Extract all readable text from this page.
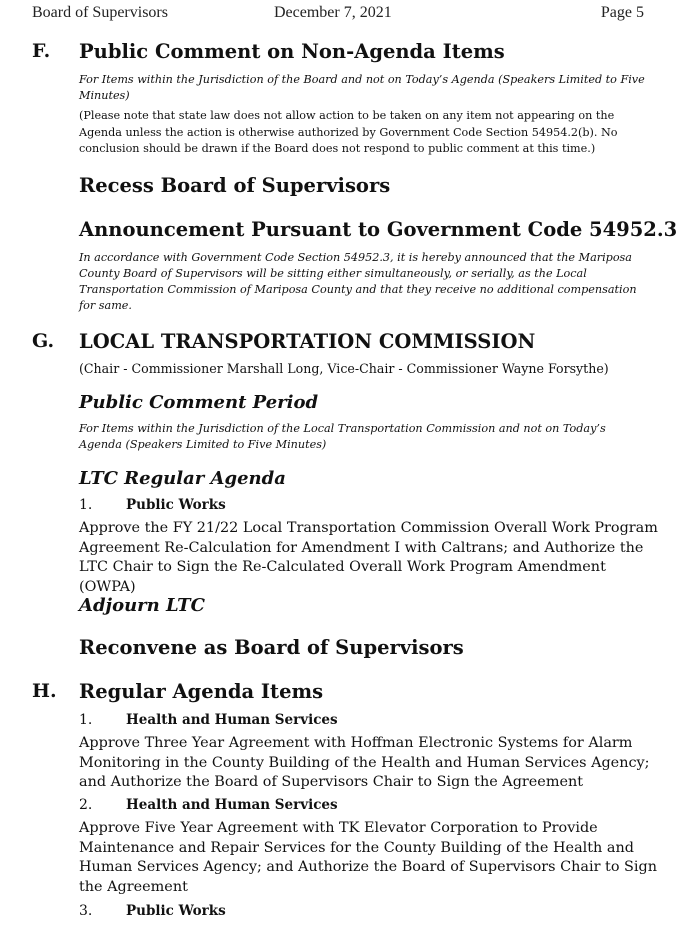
Board of Supervisors	December 7, 2021	Page 5
F. Public Comment on Non-Agenda Items
For Items within the Jurisdiction of the Board and not on Today’s Agenda (Speakers Limited to Five Minutes)
(Please note that state law does not allow action to be taken on any item not appearing on the Agenda unless the action is otherwise authorized by Government Code Section 54954.2(b). No conclusion should be drawn if the Board does not respond to public comment at this time.)
Recess Board of Supervisors
Announcement Pursuant to Government Code 54952.3
In accordance with Government Code Section 54952.3, it is hereby announced that the Mariposa County Board of Supervisors will be sitting either simultaneously, or serially, as the Local Transportation Commission of Mariposa County and that they receive no additional compensation for same.
G. LOCAL TRANSPORTATION COMMISSION
(Chair - Commissioner Marshall Long, Vice-Chair - Commissioner Wayne Forsythe)
Public Comment Period
For Items within the Jurisdiction of the Local Transportation Commission and not on Today’s Agenda (Speakers Limited to Five Minutes)
LTC Regular Agenda
1. Public Works
Approve the FY 21/22 Local Transportation Commission Overall Work Program Agreement Re-Calculation for Amendment I with Caltrans; and Authorize the LTC Chair to Sign the Re-Calculated Overall Work Program Amendment (OWPA)
Adjourn LTC
Reconvene as Board of Supervisors
H. Regular Agenda Items
1. Health and Human Services
Approve Three Year Agreement with Hoffman Electronic Systems for Alarm Monitoring in the County Building of the Health and Human Services Agency; and Authorize the Board of Supervisors Chair to Sign the Agreement
2. Health and Human Services
Approve Five Year Agreement with TK Elevator Corporation to Provide Maintenance and Repair Services for the County Building of the Health and Human Services Agency; and Authorize the Board of Supervisors Chair to Sign the Agreement
3. Public Works
